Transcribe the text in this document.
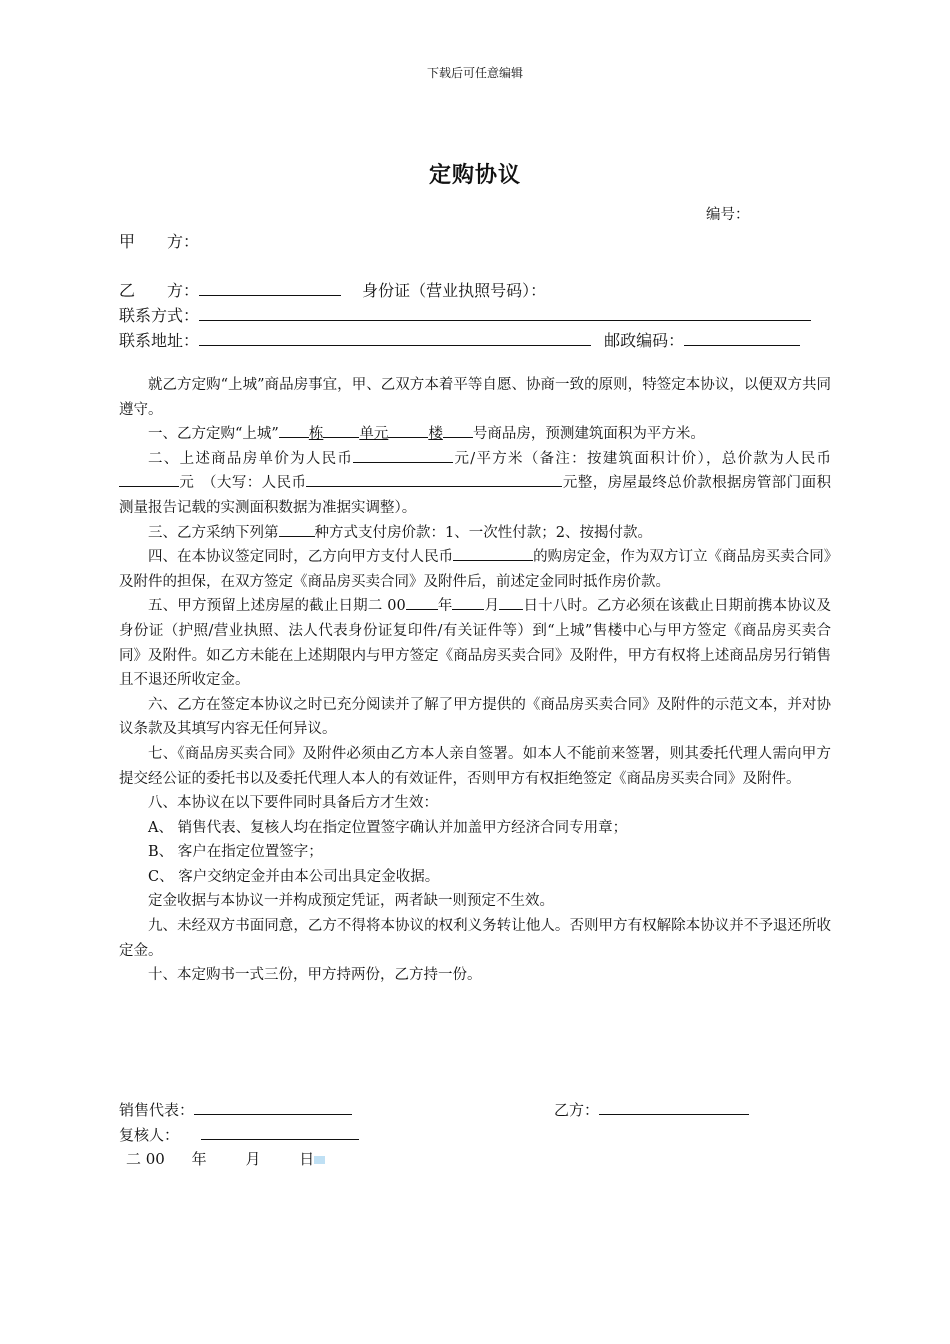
下载后可任意编辑
定购协议
编号：
甲　　方：
乙　　方：	身份证（营业执照号码）：
联系方式：
联系地址：	邮政编码：
就乙方定购“上城”商品房事宜，甲、乙双方本着平等自愿、协商一致的原则，特签定本协议，以便双方共同遵守。
一、乙方定购“上城” 栋 单元	楼 号商品房，预测建筑面积为平方米。
二、上述商品房单价为人民币	元/平方米（备注：按建筑面积计价），总价款为人民币元　（大写：人民币	元整，房屋最终总价款根据房管部门面积测量报告记载的实测面积数据为准据实调整）。
三、乙方采纳下列第 种方式支付房价款：1、一次性付款；2、按揭付款。
四、在本协议签定同时，乙方向甲方支付人民币	的购房定金，作为双方订立《商品房买卖合同》及附件的担保，在双方签定《商品房买卖合同》及附件后，前述定金同时抵作房价款。
五、甲方预留上述房屋的截止日期二 00 年 月 日十八时。乙方必须在该截止日期前携本协议及身份证（护照/营业执照、法人代表身份证复印件/有关证件等）到“上城”售楼中心与甲方签定《商品房买卖合同》及附件。如乙方未能在上述期限内与甲方签定《商品房买卖合同》及附件，甲方有权将上述商品房另行销售且不退还所收定金。
六、乙方在签定本协议之时已充分阅读并了解了甲方提供的《商品房买卖合同》及附件的示范文本，并对协议条款及其填写内容无任何异议。
七、《商品房买卖合同》及附件必须由乙方本人亲自签署。如本人不能前来签署，则其委托代理人需向甲方提交经公证的委托书以及委托代理人本人的有效证件，否则甲方有权拒绝签定《商品房买卖合同》及附件。
八、本协议在以下要件同时具备后方才生效：
A、 销售代表、复核人均在指定位置签字确认并加盖甲方经济合同专用章；
B、 客户在指定位置签字；
C、 客户交纳定金并由本公司出具定金收据。
定金收据与本协议一并构成预定凭证，两者缺一则预定不生效。
九、未经双方书面同意，乙方不得将本协议的权利义务转让他人。否则甲方有权解除本协议并不予退还所收定金。
十、本定购书一式三份，甲方持两份，乙方持一份。
销售代表：	乙方：
复核人：
二 00 年	月	日
